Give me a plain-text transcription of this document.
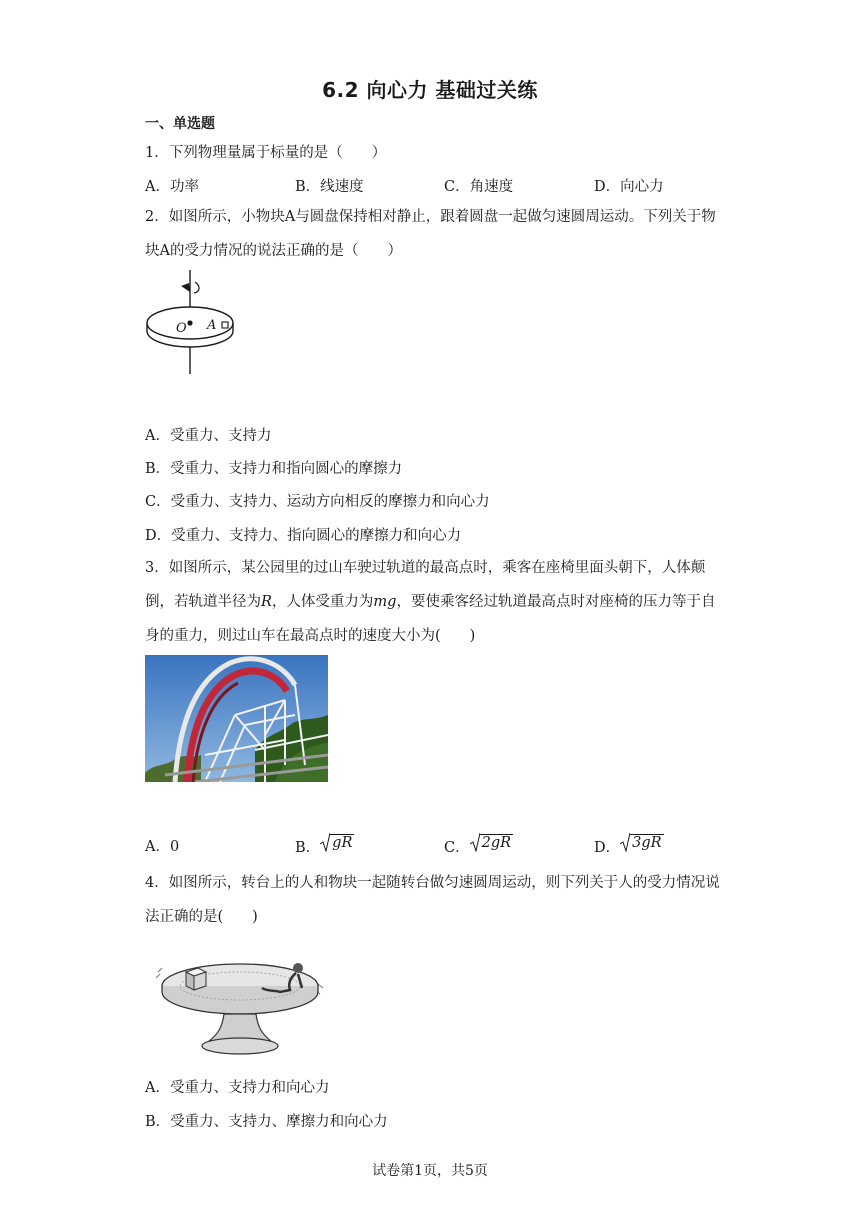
6.2 向心力 基础过关练
一、单选题
1．下列物理量属于标量的是（　　）
A．功率	B．线速度	C．角速度	D．向心力
2．如图所示，小物块A与圆盘保持相对静止，跟着圆盘一起做匀速圆周运动。下列关于物块A的受力情况的说法正确的是（　　）
O A
A．受重力、支持力
B．受重力、支持力和指向圆心的摩擦力
C．受重力、支持力、运动方向相反的摩擦力和向心力
D．受重力、支持力、指向圆心的摩擦力和向心力
3．如图所示，某公园里的过山车驶过轨道的最高点时，乘客在座椅里面头朝下，人体颠倒，若轨道半径为R，人体受重力为mg，要使乘客经过轨道最高点时对座椅的压力等于自身的重力，则过山车在最高点时的速度大小为(　　)
A．0	B． gR	C． 2gR	D． 3gR
4．如图所示，转台上的人和物块一起随转台做匀速圆周运动，则下列关于人的受力情况说法正确的是(　　)
A．受重力、支持力和向心力
B．受重力、支持力、摩擦力和向心力
试卷第1页，共5页
